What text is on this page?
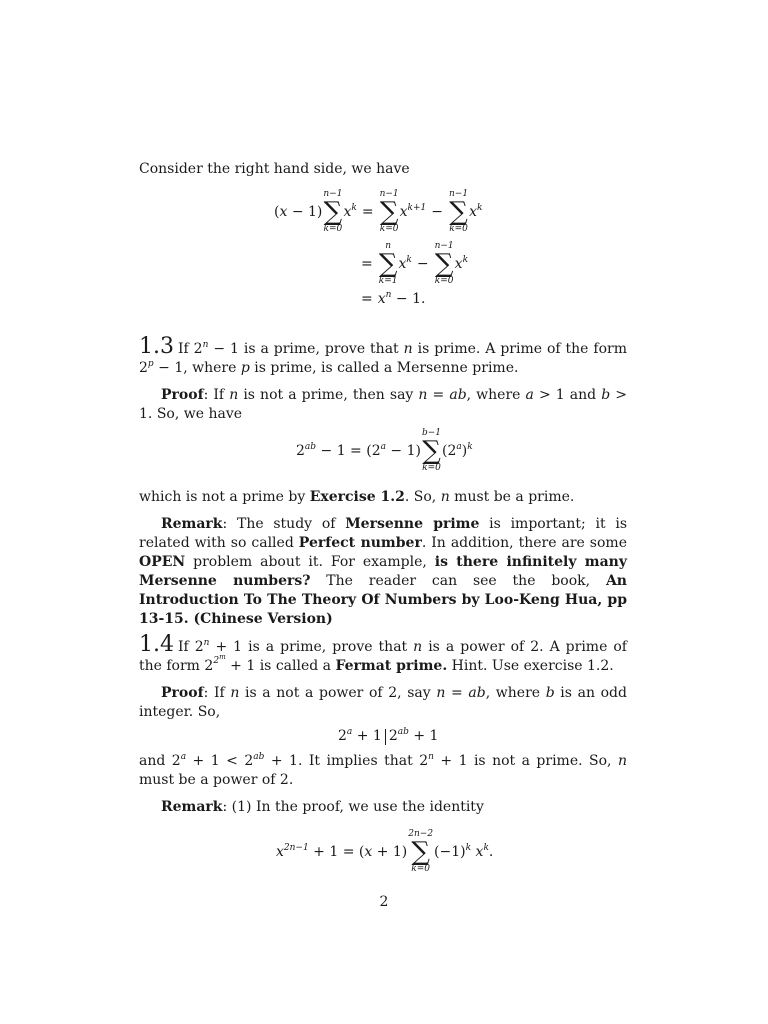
Consider the right hand side, we have

( x − 1)
n−1
∑
k=0
$x^k$ =
n−1
∑
k=0
$x^{k+1}$ −
n−1
∑
k=0
$x^k$
=
n
∑
k=1
$x^k$ −
n−1
∑
k=0
$x^k$
= $x^n - 1$.

1.3 If $2^n - 1$ is a prime, prove that n is prime. A prime of the form $2^p - 1$, where p is prime, is called a Mersenne prime.

Proof: If n is not a prime, then say n = ab, where a > 1 and b > 1. So, we have

$2^{ab} - 1 = (2^a - 1)$
b−1
∑
k=0
$(2^a)^k$

which is not a prime by Exercise 1.2. So, n must be a prime.

Remark: The study of Mersenne prime is important; it is related with so called Perfect number. In addition, there are some OPEN problem about it. For example, is there infinitely many Mersenne numbers? The reader can see the book, An Introduction To The Theory Of Numbers by Loo-Keng Hua, pp 13-15. (Chinese Version)

1.4 If $2^n + 1$ is a prime, prove that n is a power of 2. A prime of the form $2^{2^m} + 1$ is called a Fermat prime. Hint. Use exercise 1.2.

Proof: If n is a not a power of 2, say n = ab, where b is an odd integer. So,

$2^a + 1$ $2^{ab} + 1$

and $2^a + 1 < 2^{ab} + 1$. It implies that $2^n + 1$ is not a prime. So, n must be a power of 2.

Remark: (1) In the proof, we use the identity

$x^{2n-1} + 1$ = ( x + 1)
2n−2
∑
k=0
$(-1)^k$ $x^k$ .
2
